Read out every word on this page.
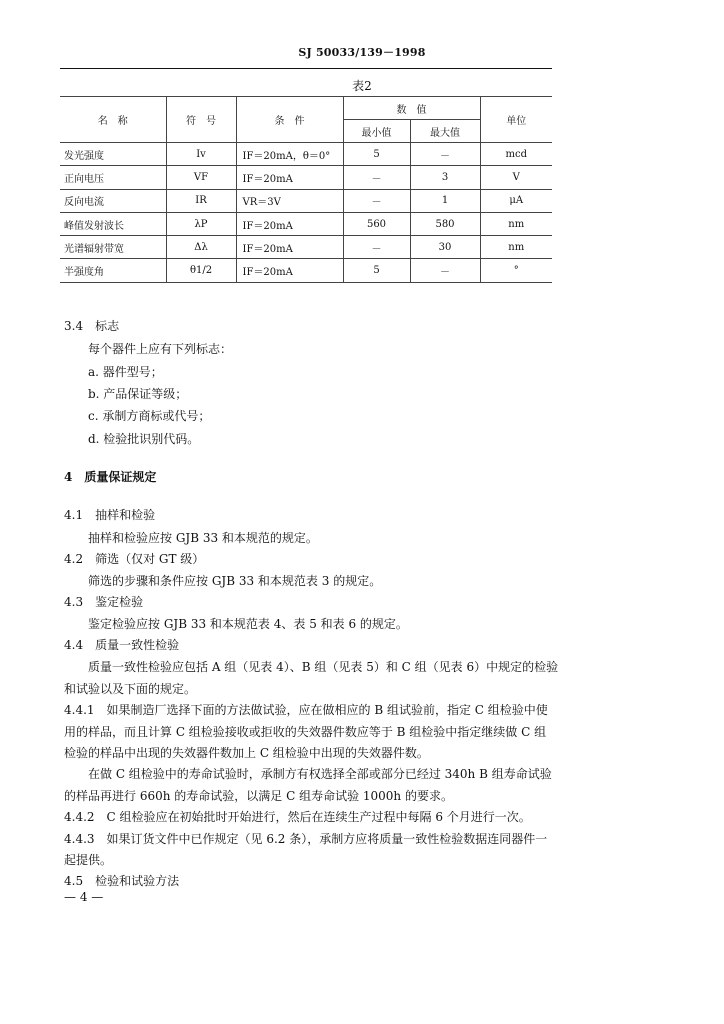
SJ 50033/139－1998
表2
名　称	符　号	条　件	数　值		单位
			最小值	最大值	
发光强度	Iv	IF＝20mA，θ＝0°	5	－	mcd
正向电压	VF	IF＝20mA	－	3	V
反向电流	IR	VR＝3V	－	1	μA
峰值发射波长	λP	IF＝20mA	560	580	nm
光谱辐射带宽	Δλ	IF＝20mA	－	30	nm
半强度角	θ1/2	IF＝20mA	5	－	°
3.4　标志
每个器件上应有下列标志：
a. 器件型号；
b. 产品保证等级；
c. 承制方商标或代号；
d. 检验批识别代码。
4　质量保证规定
4.1　抽样和检验
抽样和检验应按 GJB 33 和本规范的规定。
4.2　筛选（仅对 GT 级）
筛选的步骤和条件应按 GJB 33 和本规范表 3 的规定。
4.3　鉴定检验
鉴定检验应按 GJB 33 和本规范表 4、表 5 和表 6 的规定。
4.4　质量一致性检验
质量一致性检验应包括 A 组（见表 4）、B 组（见表 5）和 C 组（见表 6）中规定的检验
和试验以及下面的规定。
4.4.1　如果制造厂选择下面的方法做试验，应在做相应的 B 组试验前，指定 C 组检验中使
用的样品，而且计算 C 组检验接收或拒收的失效器件数应等于 B 组检验中指定继续做 C 组
检验的样品中出现的失效器件数加上 C 组检验中出现的失效器件数。
在做 C 组检验中的寿命试验时，承制方有权选择全部或部分已经过 340h B 组寿命试验
的样品再进行 660h 的寿命试验，以满足 C 组寿命试验 1000h 的要求。
4.4.2　C 组检验应在初始批时开始进行，然后在连续生产过程中每隔 6 个月进行一次。
4.4.3　如果订货文件中已作规定（见 6.2 条），承制方应将质量一致性检验数据连同器件一
起提供。
4.5　检验和试验方法
— 4 —
